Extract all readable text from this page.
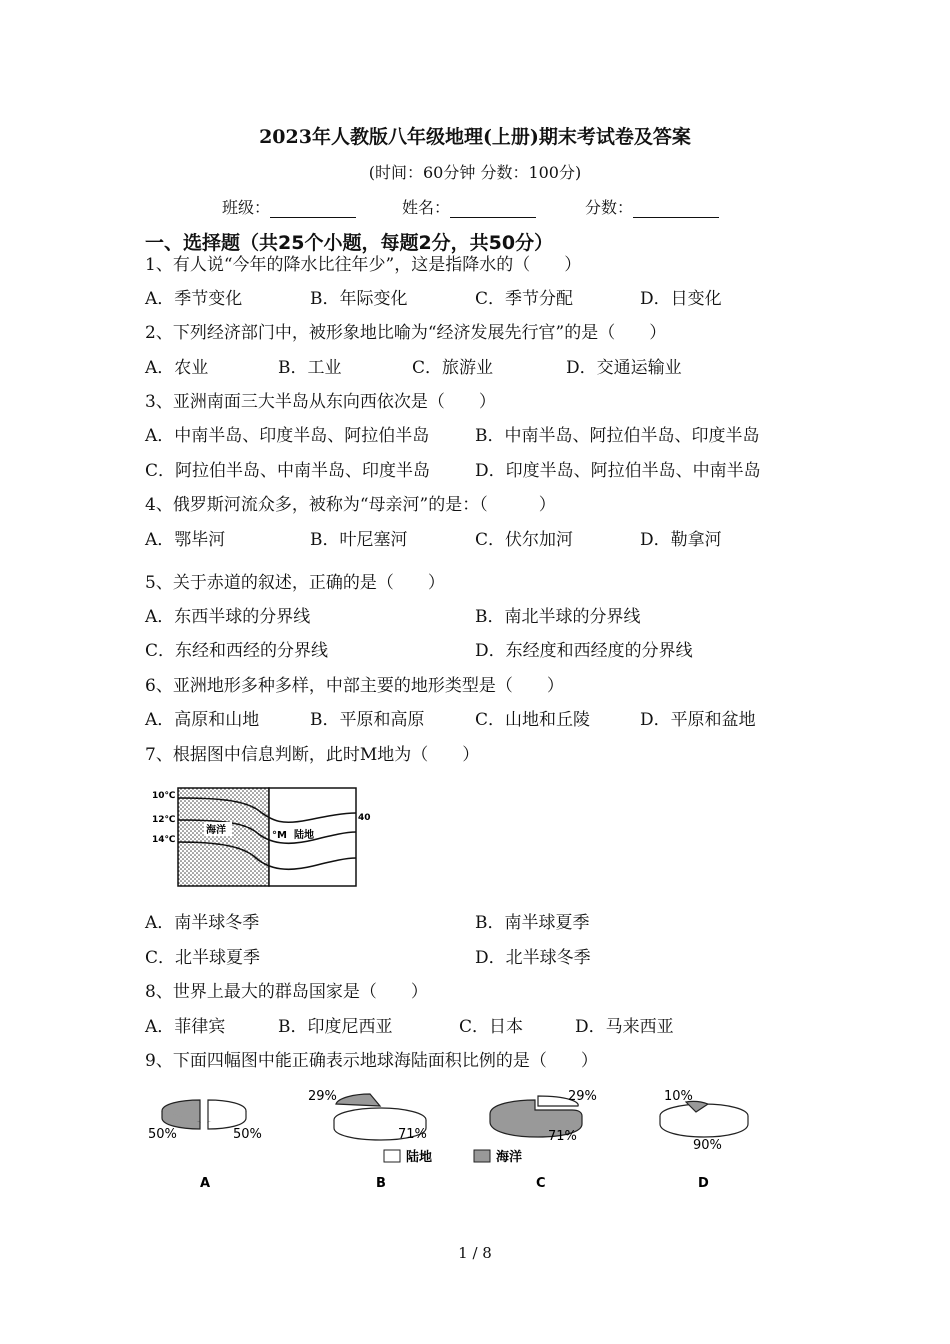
2023年人教版八年级地理(上册)期末考试卷及答案
(时间：60分钟 分数：100分)
班级：	姓名：	分数：
一、选择题（共25个小题，每题2分，共50分）
1、有人说“今年的降水比往年少”，这是指降水的（　　）
A．季节变化	B．年际变化	C．季节分配	D．日变化
2、下列经济部门中，被形象地比喻为“经济发展先行官”的是（　　）
A．农业	B．工业	C．旅游业	D．交通运输业
3、亚洲南面三大半岛从东向西依次是（　　）
A．中南半岛、印度半岛、阿拉伯半岛	B．中南半岛、阿拉伯半岛、印度半岛
C．阿拉伯半岛、中南半岛、印度半岛	D．印度半岛、阿拉伯半岛、中南半岛
4、俄罗斯河流众多，被称为“母亲河”的是：（　　　）
A．鄂毕河	B．叶尼塞河	C．伏尔加河	D．勒拿河
5、关于赤道的叙述，正确的是（　　）
A．东西半球的分界线	B．南北半球的分界线
C．东经和西经的分界线	D．东经度和西经度的分界线
6、亚洲地形多种多样，中部主要的地形类型是（　　）
A．高原和山地	B．平原和高原	C．山地和丘陵	D．平原和盆地
7、根据图中信息判断，此时M地为（　　）
10℃
12℃
14℃
海洋	°M 陆地
40
A．南半球冬季	B．南半球夏季
C．北半球夏季	D．北半球冬季
8、世界上最大的群岛国家是（　　）
A．菲律宾	B．印度尼西亚	C．日本	D．马来西亚
9、下面四幅图中能正确表示地球海陆面积比例的是（　　）
50%	50%
A
29%
71%
B
29%
71%
C
10%
90%
D
陆地	海洋
1 / 8
